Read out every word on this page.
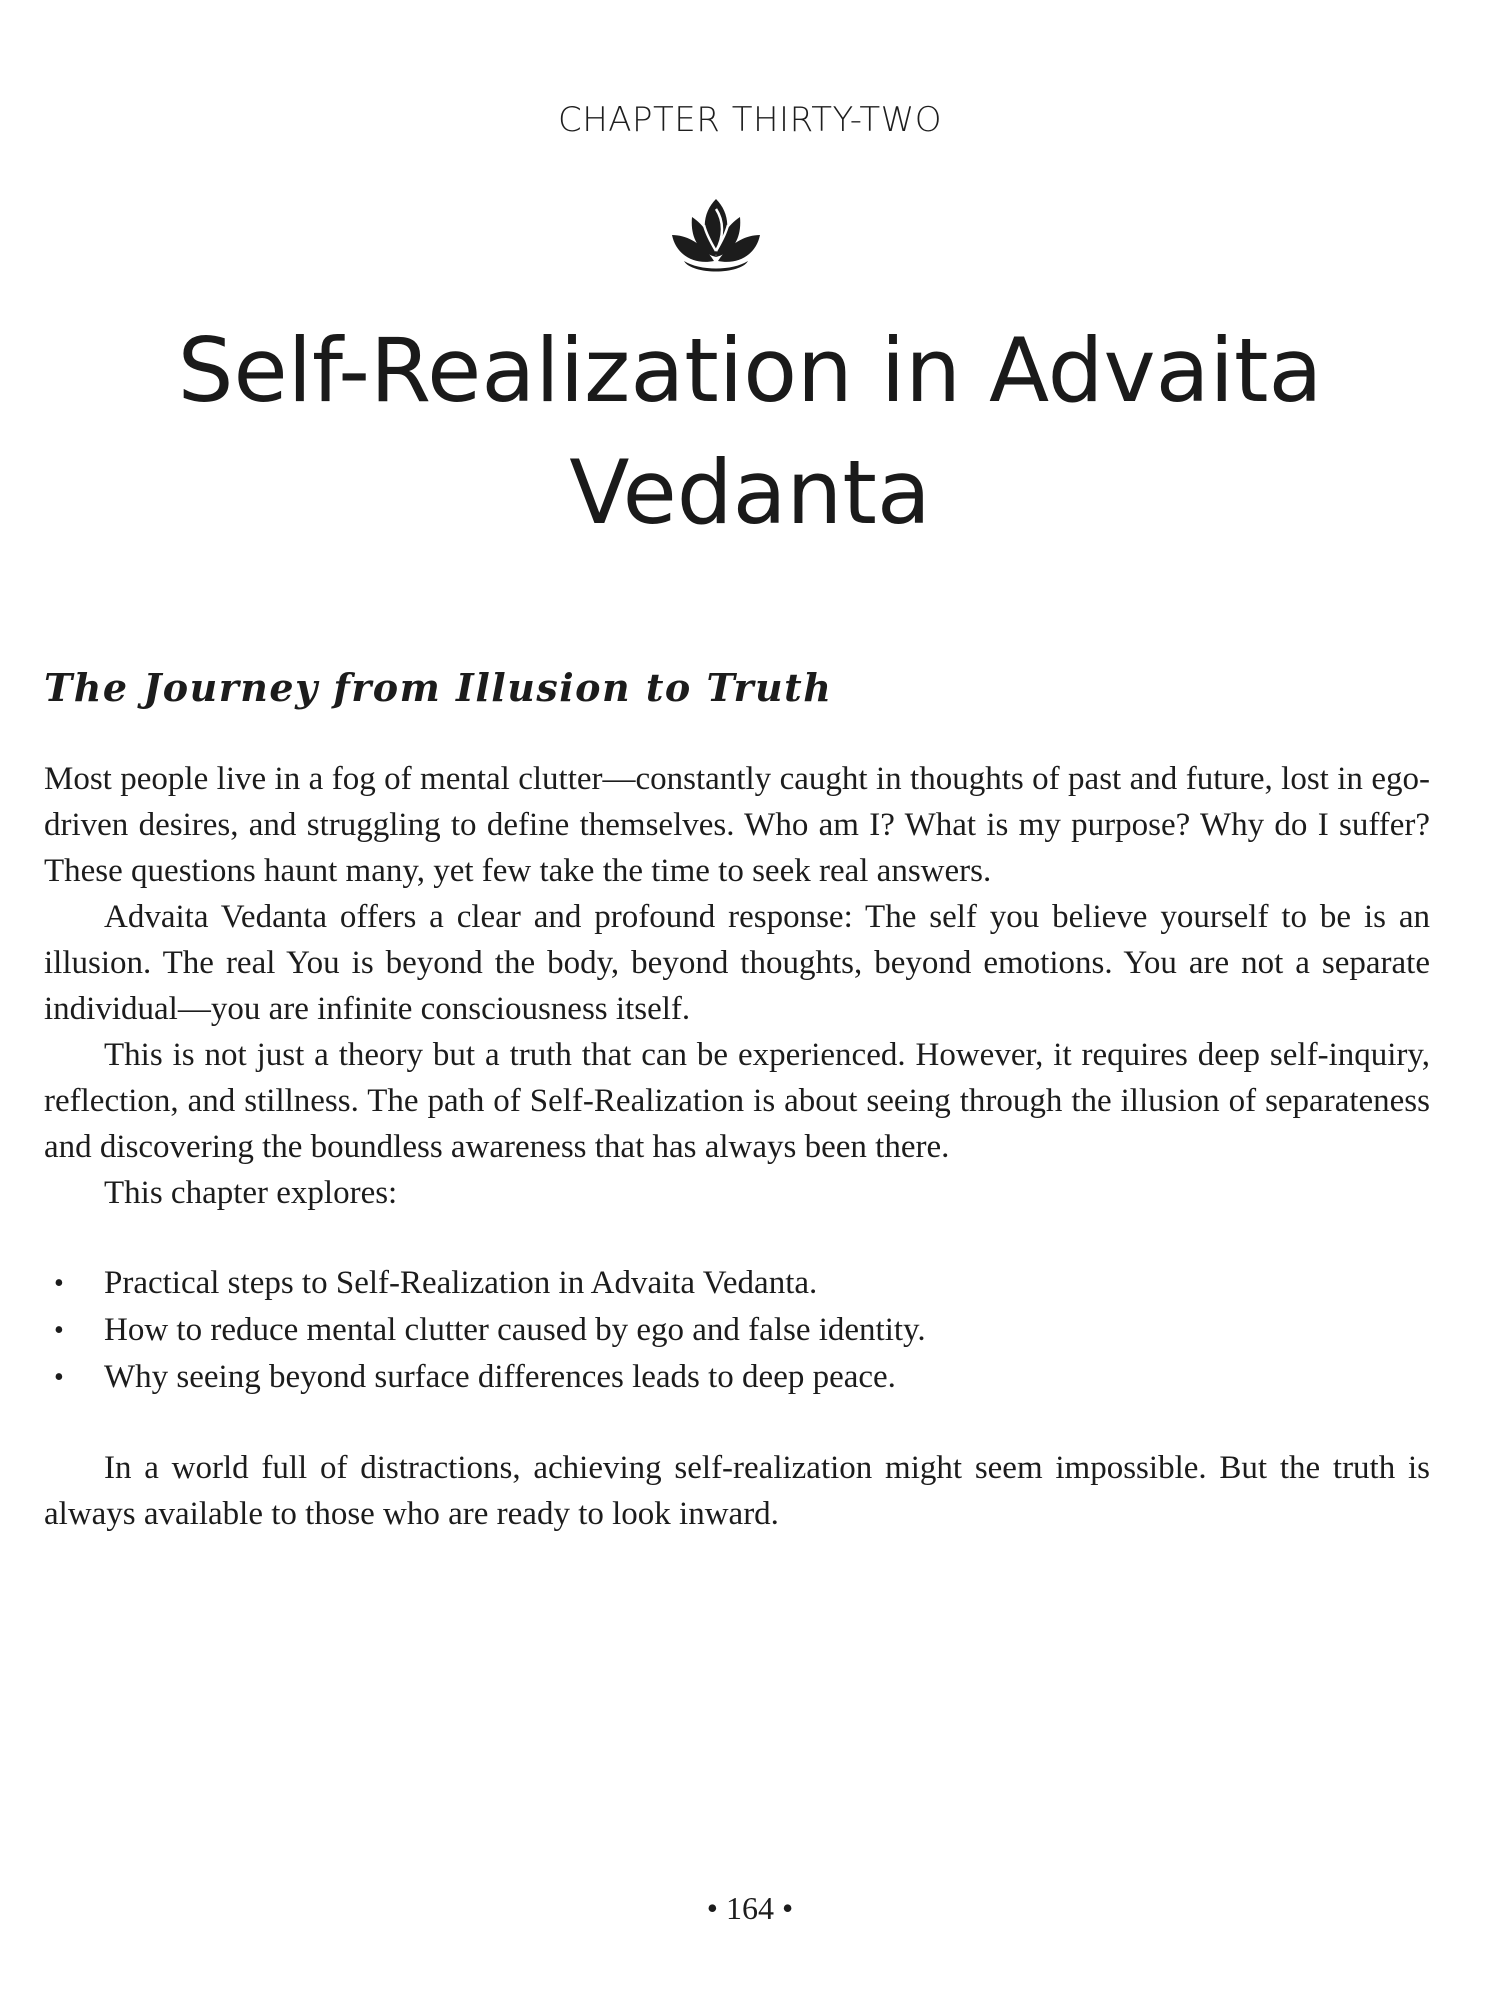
CHAPTER THIRTY-TWO
Self-Realization in Advaita Vedanta
The Journey from Illusion to Truth

Most people live in a fog of mental clutter—constantly caught in thoughts of past and future, lost in ego-driven desires, and struggling to define themselves. Who am I? What is my purpose? Why do I suffer? These questions haunt many, yet few take the time to seek real answers.

Advaita Vedanta offers a clear and profound response: The self you believe yourself to be is an illusion. The real You is beyond the body, beyond thoughts, beyond emotions. You are not a separate individual—you are infinite consciousness itself.

This is not just a theory but a truth that can be experienced. However, it requires deep self-inquiry, reflection, and stillness. The path of Self-Realization is about seeing through the illusion of separateness and discovering the boundless awareness that has always been there.

This chapter explores:

• Practical steps to Self-Realization in Advaita Vedanta.
• How to reduce mental clutter caused by ego and false identity.
• Why seeing beyond surface differences leads to deep peace.

In a world full of distractions, achieving self-realization might seem impossible. But the truth is always available to those who are ready to look inward.

• 164 •
